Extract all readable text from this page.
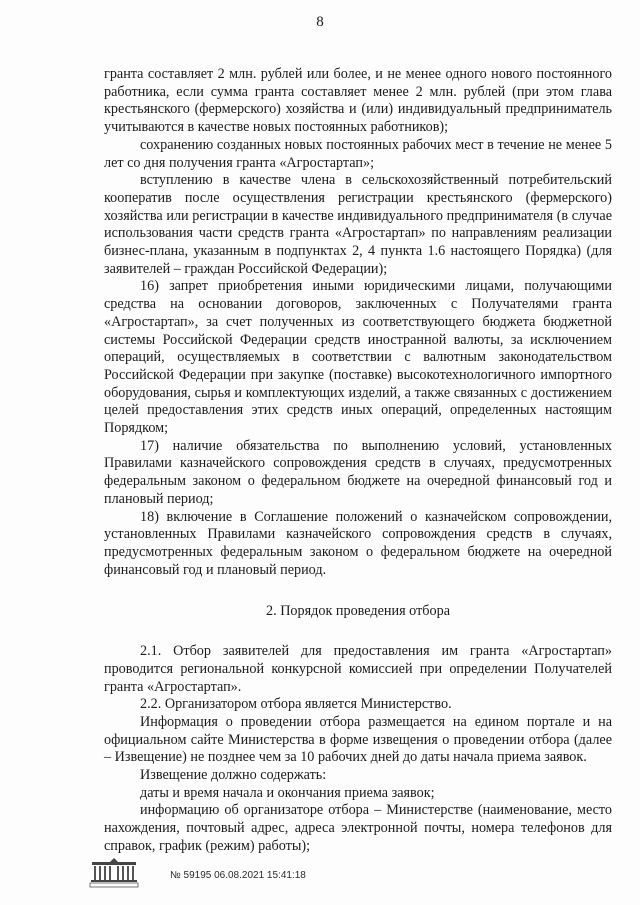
8

гранта составляет 2 млн. рублей или более, и не менее одного нового постоянного работника, если сумма гранта составляет менее 2 млн. рублей (при этом глава крестьянского (фермерского) хозяйства и (или) индивидуальный предприниматель учитываются в качестве новых постоянных работников);

сохранению созданных новых постоянных рабочих мест в течение не менее 5 лет со дня получения гранта «Агростартап»;

вступлению в качестве члена в сельскохозяйственный потребительский кооператив после осуществления регистрации крестьянского (фермерского) хозяйства или регистрации в качестве индивидуального предпринимателя (в случае использования части средств гранта «Агростартап» по направлениям реализации бизнес-плана, указанным в подпунктах 2, 4 пункта 1.6 настоящего Порядка) (для заявителей – граждан Российской Федерации);

16) запрет приобретения иными юридическими лицами, получающими средства на основании договоров, заключенных с Получателями гранта «Агростартап», за счет полученных из соответствующего бюджета бюджетной системы Российской Федерации средств иностранной валюты, за исключением операций, осуществляемых в соответствии с валютным законодательством Российской Федерации при закупке (поставке) высокотехнологичного импортного оборудования, сырья и комплектующих изделий, а также связанных с достижением целей предоставления этих средств иных операций, определенных настоящим Порядком;

17) наличие обязательства по выполнению условий, установленных Правилами казначейского сопровождения средств в случаях, предусмотренных федеральным законом о федеральном бюджете на очередной финансовый год и плановый период;

18) включение в Соглашение положений о казначейском сопровождении, установленных Правилами казначейского сопровождения средств в случаях, предусмотренных федеральным законом о федеральном бюджете на очередной финансовый год и плановый период.

2. Порядок проведения отбора

2.1. Отбор заявителей для предоставления им гранта «Агростартап» проводится региональной конкурсной комиссией при определении Получателей гранта «Агростартап».

2.2. Организатором отбора является Министерство.

Информация о проведении отбора размещается на едином портале и на официальном сайте Министерства в форме извещения о проведении отбора (далее – Извещение) не позднее чем за 10 рабочих дней до даты начала приема заявок.

Извещение должно содержать:

даты и время начала и окончания приема заявок;

информацию об организаторе отбора – Министерстве (наименование, место нахождения, почтовый адрес, адреса электронной почты, номера телефонов для справок, график (режим) работы);

№ 59195 06.08.2021 15:41:18
